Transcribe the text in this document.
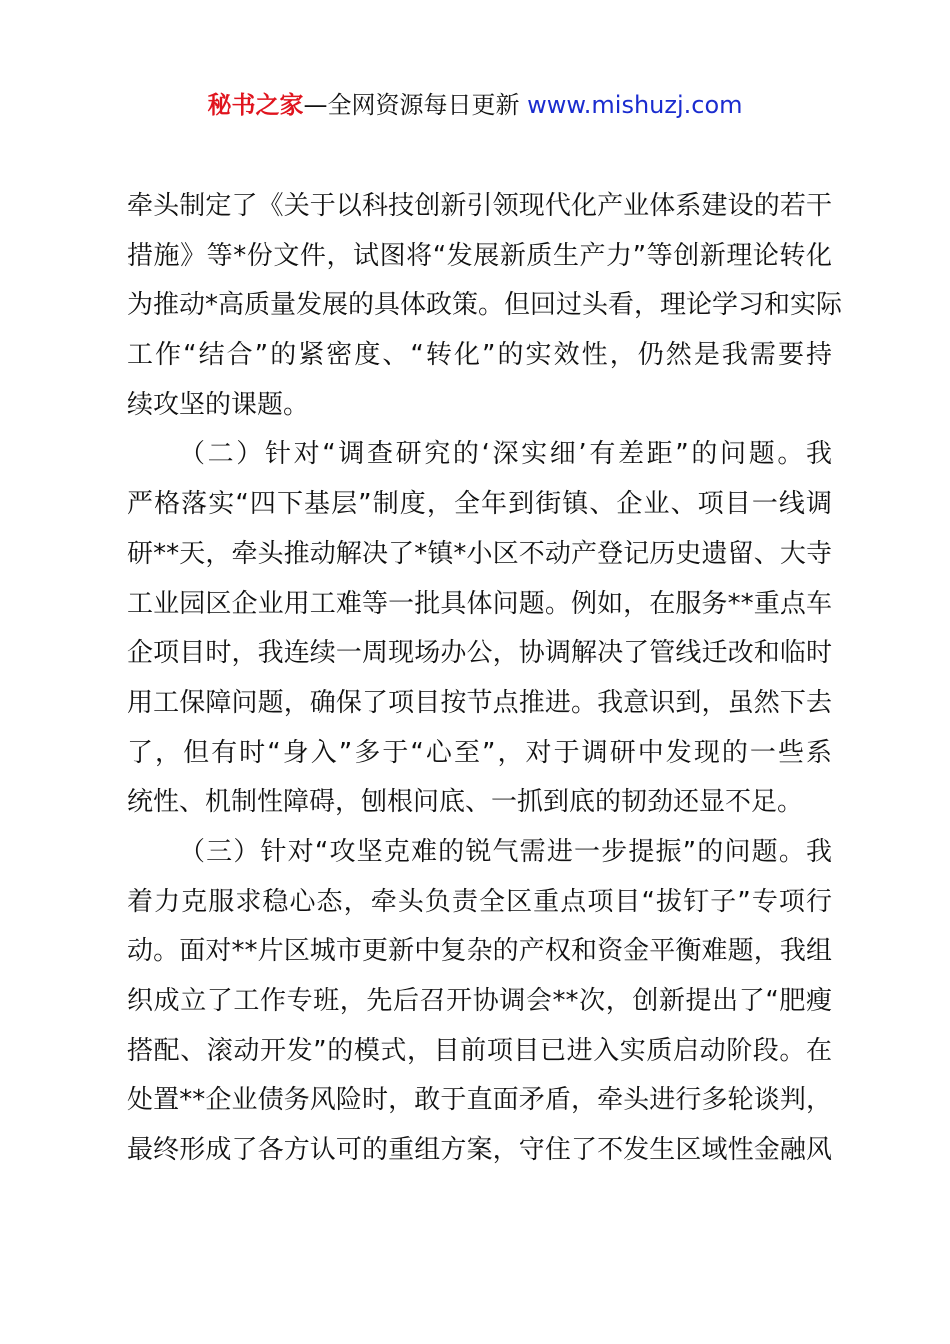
秘书之家—全网资源每日更新 www.mishuzj.com
牵头制定了《关于以科技创新引领现代化产业体系建设的若干
措施》等*份文件，试图将“发展新质生产力”等创新理论转化
为推动*高质量发展的具体政策。但回过头看，理论学习和实际
工作“结合”的紧密度、“转化”的实效性，仍然是我需要持
续攻坚的课题。
（二）针对“调查研究的‘深实细’有差距”的问题。我
严格落实“四下基层”制度，全年到街镇、企业、项目一线调
研**天，牵头推动解决了*镇*小区不动产登记历史遗留、大寺
工业园区企业用工难等一批具体问题。例如，在服务**重点车
企项目时，我连续一周现场办公，协调解决了管线迁改和临时
用工保障问题，确保了项目按节点推进。我意识到，虽然下去
了，但有时“身入”多于“心至”，对于调研中发现的一些系
统性、机制性障碍，刨根问底、一抓到底的韧劲还显不足。
（三）针对“攻坚克难的锐气需进一步提振”的问题。我
着力克服求稳心态，牵头负责全区重点项目“拔钉子”专项行
动。面对**片区城市更新中复杂的产权和资金平衡难题，我组
织成立了工作专班，先后召开协调会**次，创新提出了“肥瘦
搭配、滚动开发”的模式，目前项目已进入实质启动阶段。在
处置**企业债务风险时，敢于直面矛盾，牵头进行多轮谈判，
最终形成了各方认可的重组方案，守住了不发生区域性金融风
